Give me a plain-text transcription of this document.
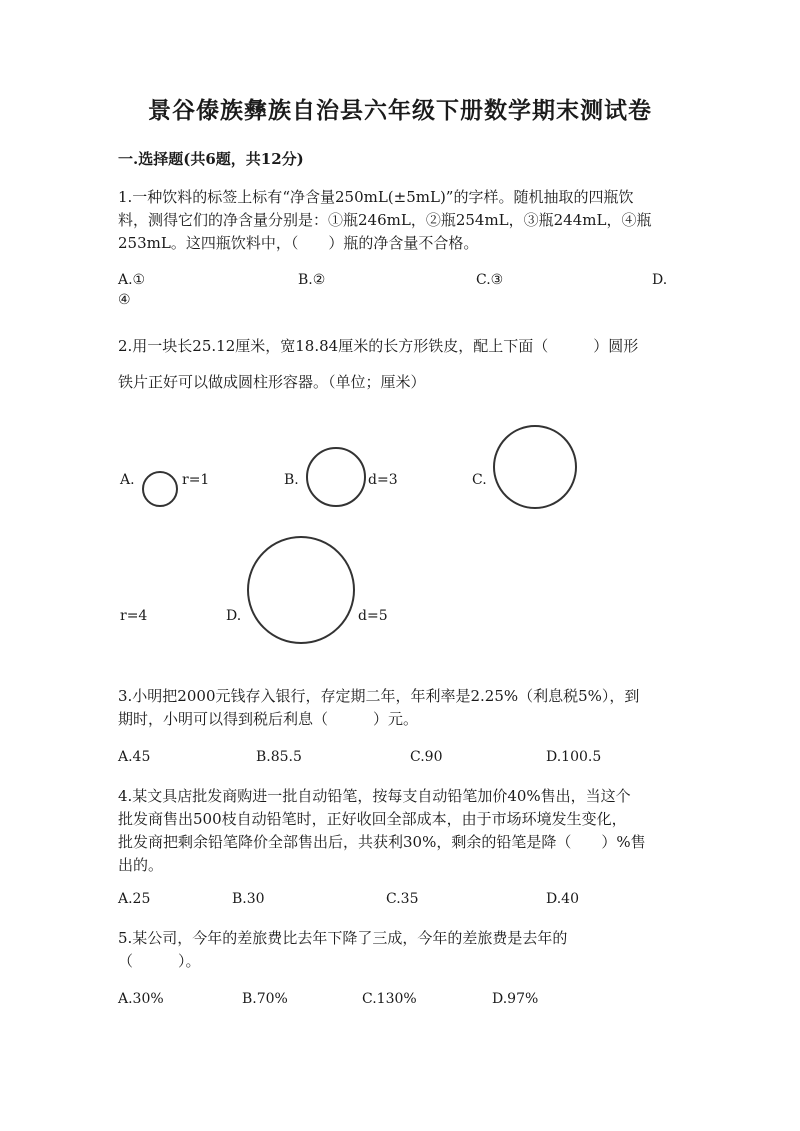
景谷傣族彝族自治县六年级下册数学期末测试卷
一.选择题(共6题，共12分)
1.一种饮料的标签上标有“净含量250mL(±5mL)”的字样。随机抽取的四瓶饮
料，测得它们的净含量分别是：①瓶246mL，②瓶254mL，③瓶244mL，④瓶
253mL。这四瓶饮料中，（　　）瓶的净含量不合格。
A.①	B.②	C.③	D.
④
2.用一块长25.12厘米，宽18.84厘米的长方形铁皮，配上下面（　　　）圆形
铁片正好可以做成圆柱形容器。（单位；厘米）
A.	r=1	B.	d=3	C.
r=4	D.	d=5
3.小明把2000元钱存入银行，存定期二年，年利率是2.25%（利息税5%），到
期时，小明可以得到税后利息（　　　）元。
A.45	B.85.5	C.90	D.100.5
4.某文具店批发商购进一批自动铅笔，按每支自动铅笔加价40%售出，当这个
批发商售出500枝自动铅笔时，正好收回全部成本，由于市场环境发生变化，
批发商把剩余铅笔降价全部售出后，共获利30%，剩余的铅笔是降（　　）%售
出的。
A.25	B.30	C.35	D.40
5.某公司，今年的差旅费比去年下降了三成，今年的差旅费是去年的
（　　　）。
A.30%	B.70%	C.130%	D.97%
